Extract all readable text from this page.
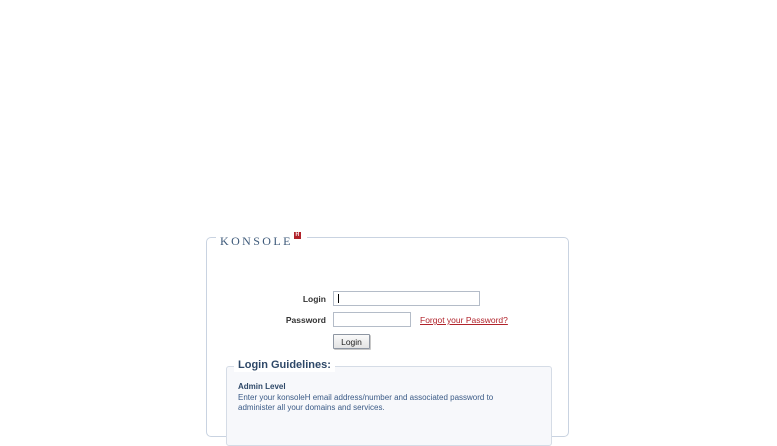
KONSOLE H
Login
Password	Forgot your Password?
Login
Login Guidelines:
Admin Level
Enter your konsoleH email address/number and associated password to administer all your domains and services.
